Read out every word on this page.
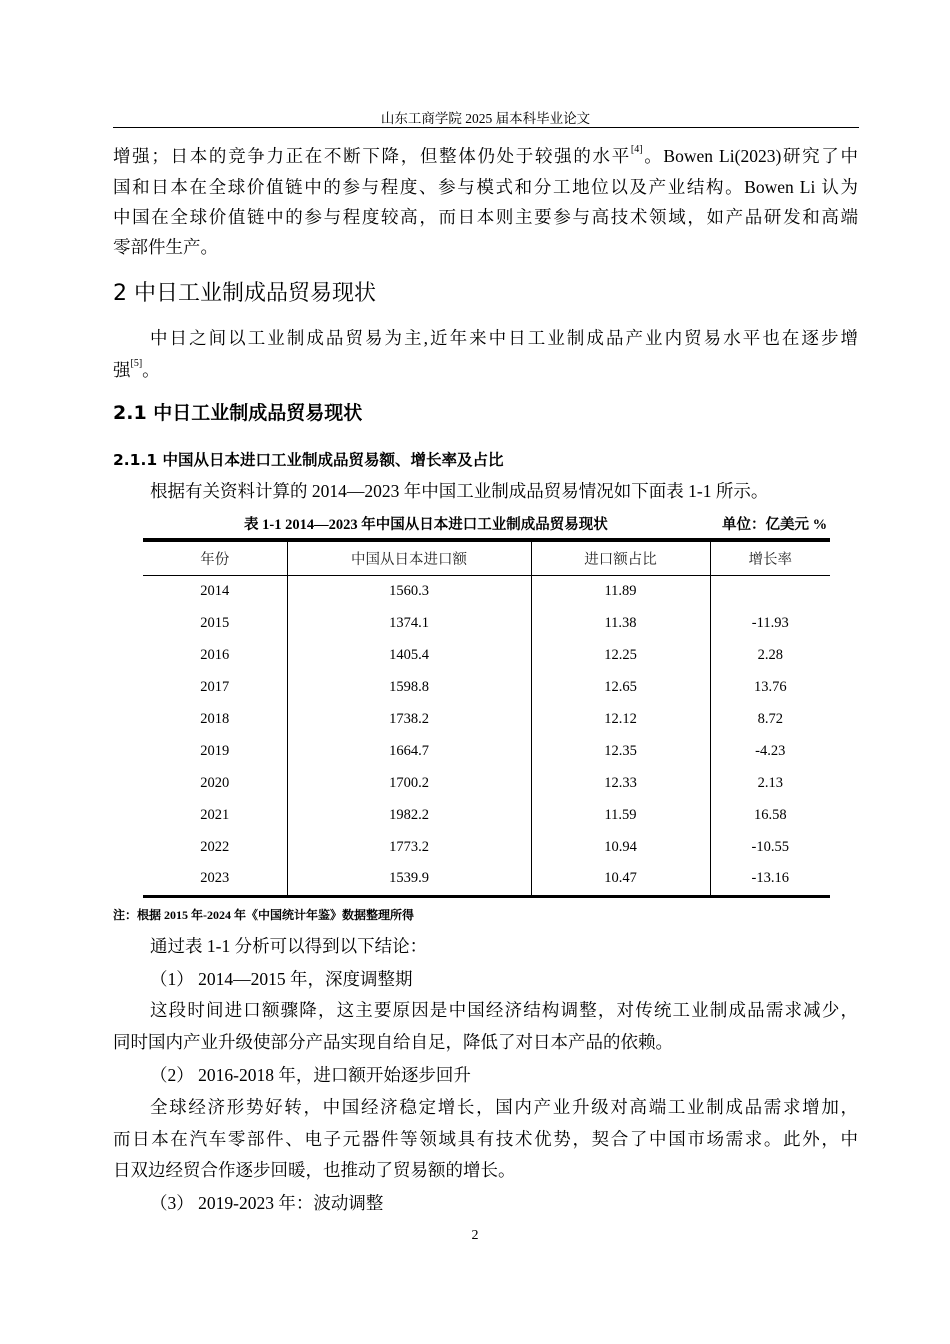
山东工商学院 2025 届本科毕业论文
增强；日本的竞争力正在不断下降，但整体仍处于较强的水平[4]。Bowen Li(2023)研究了中
国和日本在全球价值链中的参与程度、参与模式和分工地位以及产业结构。Bowen Li 认为
中国在全球价值链中的参与程度较高，而日本则主要参与高技术领域，如产品研发和高端
零部件生产。
2 中日工业制成品贸易现状
中日之间以工业制成品贸易为主,近年来中日工业制成品产业内贸易水平也在逐步增
强[5]。
2.1 中日工业制成品贸易现状
2.1.1 中国从日本进口工业制成品贸易额、增长率及占比
根据有关资料计算的 2014—2023 年中国工业制成品贸易情况如下面表 1-1 所示。
表 1-1 2014—2023 年中国从日本进口工业制成品贸易现状	单位：亿美元 %
年份	中国从日本进口额	进口额占比	增长率
2014	1560.3	11.89	
2015	1374.1	11.38	-11.93
2016	1405.4	12.25	2.28
2017	1598.8	12.65	13.76
2018	1738.2	12.12	8.72
2019	1664.7	12.35	-4.23
2020	1700.2	12.33	2.13
2021	1982.2	11.59	16.58
2022	1773.2	10.94	-10.55
2023	1539.9	10.47	-13.16
注：根据 2015 年-2024 年《中国统计年鉴》数据整理所得
通过表 1-1 分析可以得到以下结论：
（1） 2014—2015 年，深度调整期
这段时间进口额骤降，这主要原因是中国经济结构调整，对传统工业制成品需求减少，
同时国内产业升级使部分产品实现自给自足，降低了对日本产品的依赖。
（2） 2016-2018 年，进口额开始逐步回升
全球经济形势好转，中国经济稳定增长，国内产业升级对高端工业制成品需求增加，
而日本在汽车零部件、电子元器件等领域具有技术优势，契合了中国市场需求。此外，中
日双边经贸合作逐步回暖，也推动了贸易额的增长。
（3） 2019-2023 年：波动调整
2
